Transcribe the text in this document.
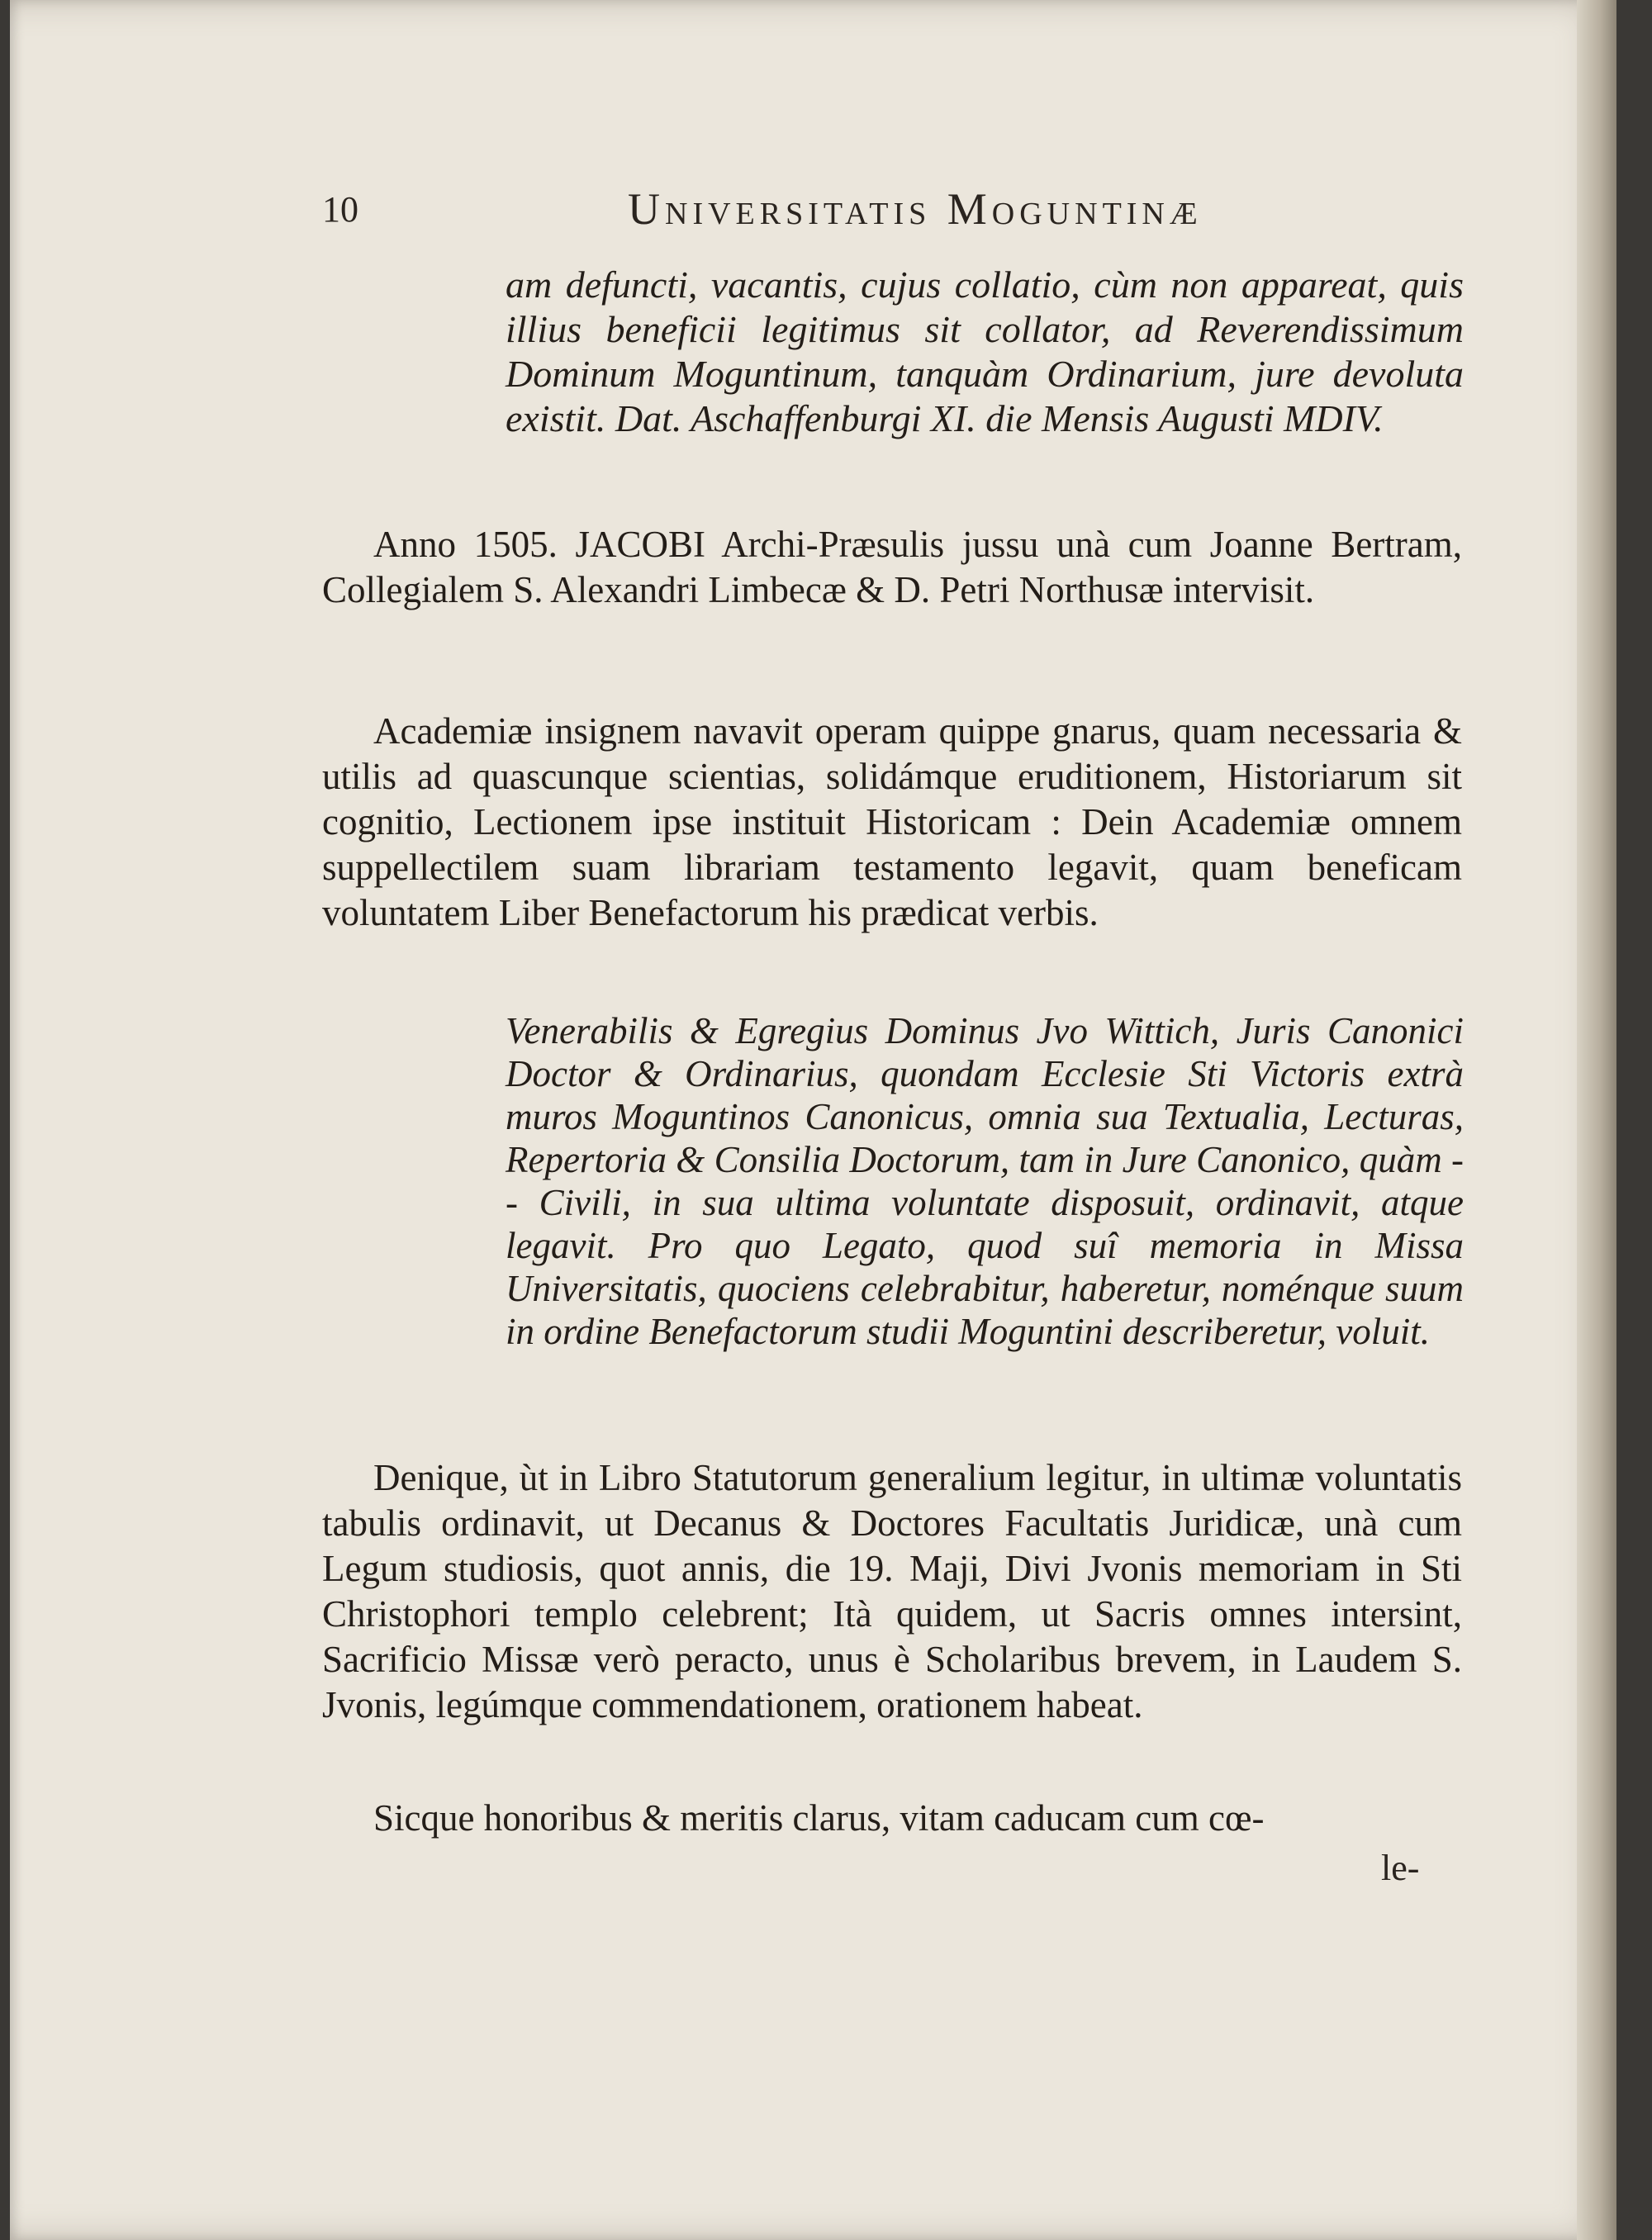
10	Universitatis Moguntinæ
am defuncti, vacantis, cujus collatio, cùm non appareat, quis illius beneficii legitimus sit collator, ad Reverendissimum Dominum Moguntinum, tanquàm Ordinarium, jure devoluta existit. Dat. Aschaffenburgi XI. die Mensis Augusti MDIV.
Anno 1505. JACOBI Archi-Præsulis jussu unà cum Joanne Bertram, Collegialem S. Alexandri Limbecæ & D. Petri Northusæ intervisit.
Academiæ insignem navavit operam quippe gnarus, quam necessaria & utilis ad quascunque scientias, solidámque eruditionem, Historiarum sit cognitio, Lectionem ipse instituit Historicam : Dein Academiæ omnem suppellectilem suam librariam testamento legavit, quam beneficam voluntatem Liber Benefactorum his prædicat verbis.
Venerabilis & Egregius Dominus Jvo Wittich, Juris Canonici Doctor & Ordinarius, quondam Ecclesie Sti Victoris extrà muros Moguntinos Canonicus, omnia sua Textualia, Lecturas, Repertoria & Consilia Doctorum, tam in Jure Canonico, quàm -- Civili, in sua ultima voluntate disposuit, ordinavit, atque legavit. Pro quo Legato, quod suî memoria in Missa Universitatis, quociens celebrabitur, haberetur, noménque suum in ordine Benefactorum studii Moguntini describeretur, voluit.
Denique, ùt in Libro Statutorum generalium legitur, in ultimæ voluntatis tabulis ordinavit, ut Decanus & Doctores Facultatis Juridicæ, unà cum Legum studiosis, quot annis, die 19. Maji, Divi Jvonis memoriam in Sti Christophori templo celebrent; Ità quidem, ut Sacris omnes intersint, Sacrificio Missæ verò peracto, unus è Scholaribus brevem, in Laudem S. Jvonis, legúmque commendationem, orationem habeat.
Sicque honoribus & meritis clarus, vitam caducam cum cœ-
le-
